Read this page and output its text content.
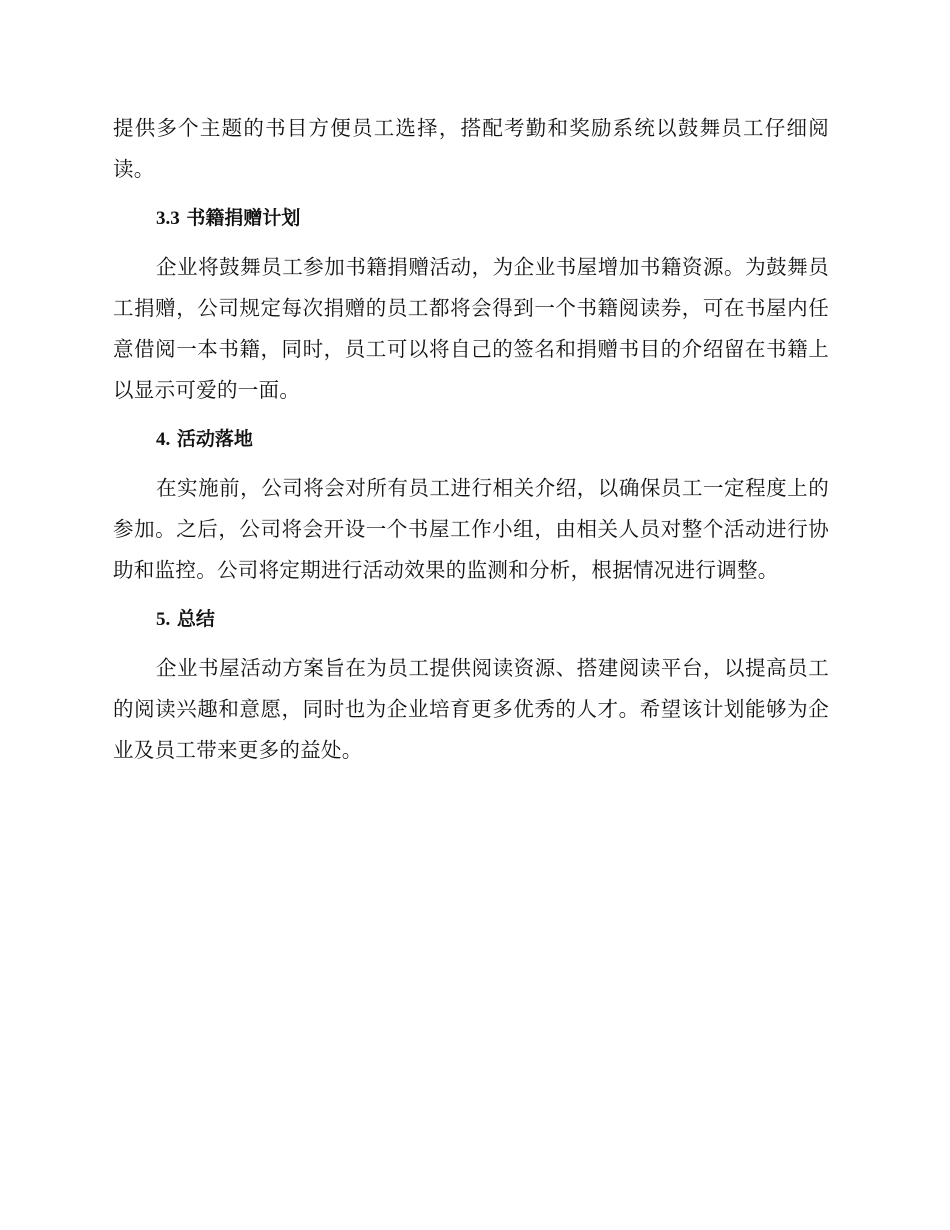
提供多个主题的书目方便员工选择，搭配考勤和奖励系统以鼓舞员工仔细阅读。

3.3 书籍捐赠计划

企业将鼓舞员工参加书籍捐赠活动，为企业书屋增加书籍资源。为鼓舞员工捐赠，公司规定每次捐赠的员工都将会得到一个书籍阅读券，可在书屋内任意借阅一本书籍，同时，员工可以将自己的签名和捐赠书目的介绍留在书籍上以显示可爱的一面。

4. 活动落地

在实施前，公司将会对所有员工进行相关介绍，以确保员工一定程度上的参加。之后，公司将会开设一个书屋工作小组，由相关人员对整个活动进行协助和监控。公司将定期进行活动效果的监测和分析，根据情况进行调整。

5. 总结

企业书屋活动方案旨在为员工提供阅读资源、搭建阅读平台，以提高员工的阅读兴趣和意愿，同时也为企业培育更多优秀的人才。希望该计划能够为企业及员工带来更多的益处。
